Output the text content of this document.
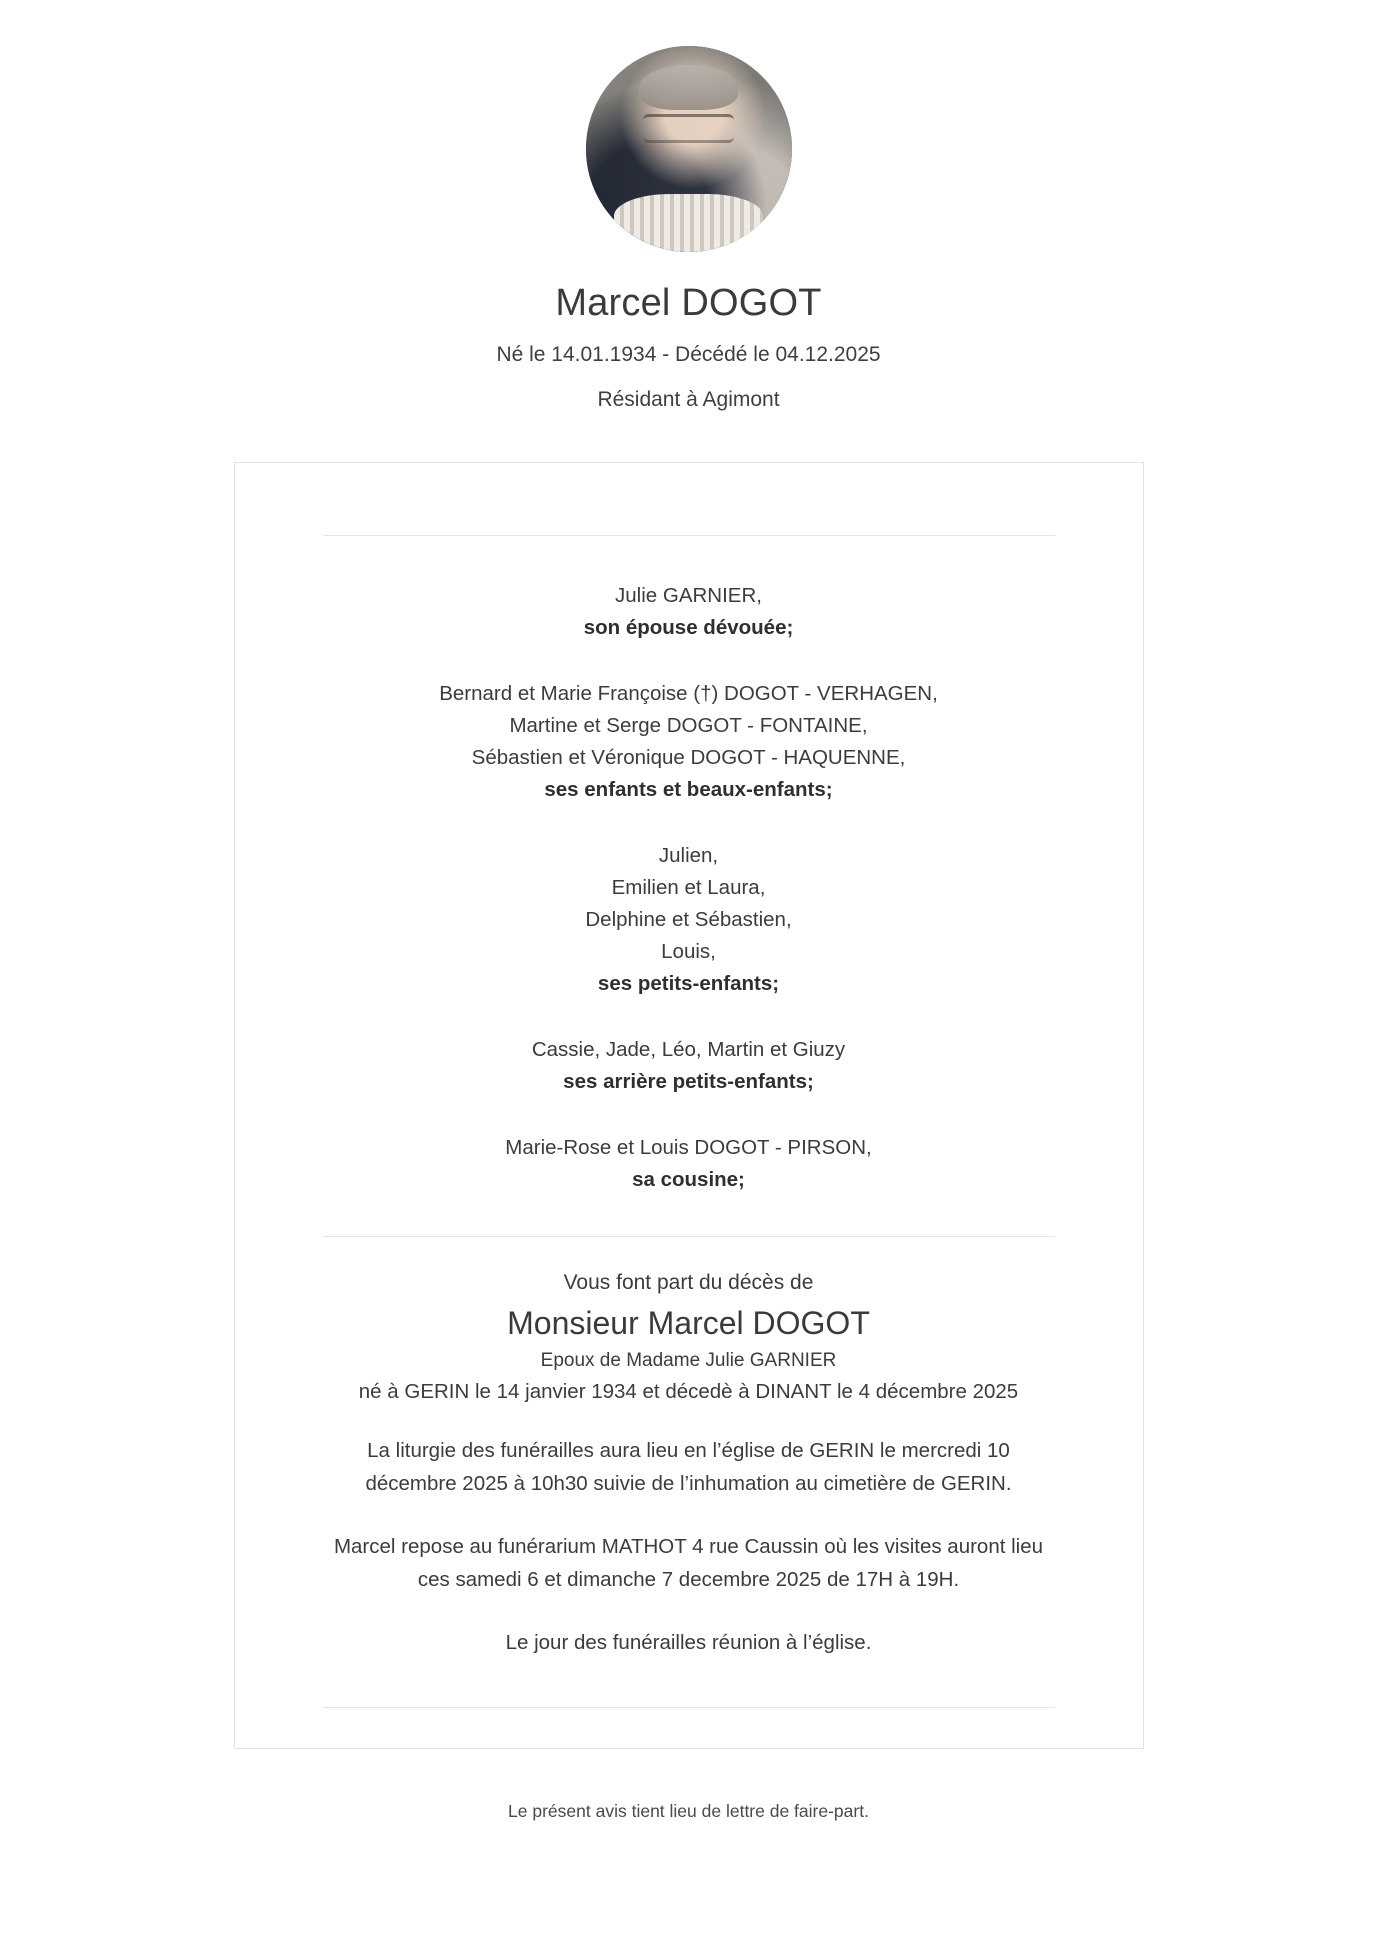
Marcel DOGOT
Né le 14.01.1934 - Décédé le 04.12.2025
Résidant à Agimont
Julie GARNIER,
son épouse dévouée;
Bernard et Marie Françoise (†) DOGOT - VERHAGEN,
Martine et Serge DOGOT - FONTAINE,
Sébastien et Véronique DOGOT - HAQUENNE,
ses enfants et beaux-enfants;
Julien,
Emilien et Laura,
Delphine et Sébastien,
Louis,
ses petits-enfants;
Cassie, Jade, Léo, Martin et Giuzy
ses arrière petits-enfants;
Marie-Rose et Louis DOGOT - PIRSON,
sa cousine;
Vous font part du décès de
Monsieur Marcel DOGOT
Epoux de Madame Julie GARNIER
né à GERIN le 14 janvier 1934 et décedè à DINANT le 4 décembre 2025
La liturgie des funérailles aura lieu en l’église de GERIN le mercredi 10 décembre 2025 à 10h30 suivie de l’inhumation au cimetière de GERIN.
Marcel repose au funérarium MATHOT 4 rue Caussin où les visites auront lieu ces samedi 6 et dimanche 7 decembre 2025 de 17H à 19H.
Le jour des funérailles réunion à l’église.
Le présent avis tient lieu de lettre de faire-part.
